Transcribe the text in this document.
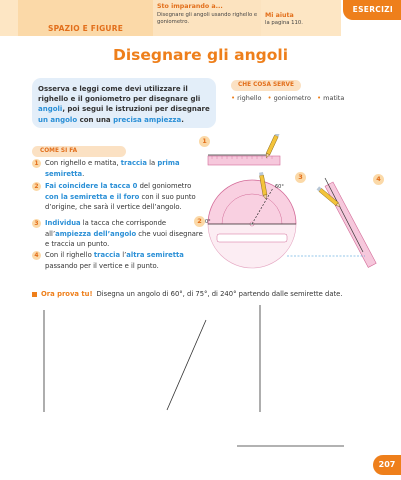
SPAZIO E FIGURE
Sto imparando a...
Disegnare gli angoli usando righello e goniometro.
Mi aiuta
la pagina 110.
ESERCIZI
Disegnare gli angoli
Osserva e leggi come devi utilizzare il righello e il goniometro per disegnare gli angoli, poi segui le istruzioni per disegnare un angolo con una precisa ampiezza.
CHE COSA SERVE
• righello • goniometro • matita
COME SI FA
1 Con righello e matita, traccia la prima semiretta.
2 Fai coincidere la tacca 0 del goniometro con la semiretta e il foro con il suo punto d’origine, che sarà il vertice dell’angolo.
3 Individua la tacca che corrisponde all’ampiezza dell’angolo che vuoi disegnare e traccia un punto.
4 Con il righello traccia l’altra semiretta passando per il vertice e il punto.
1
2
3	4
0°
60°
Ora prova tu! Disegna un angolo di 60°, di 75°, di 240° partendo dalle semirette date.
207
